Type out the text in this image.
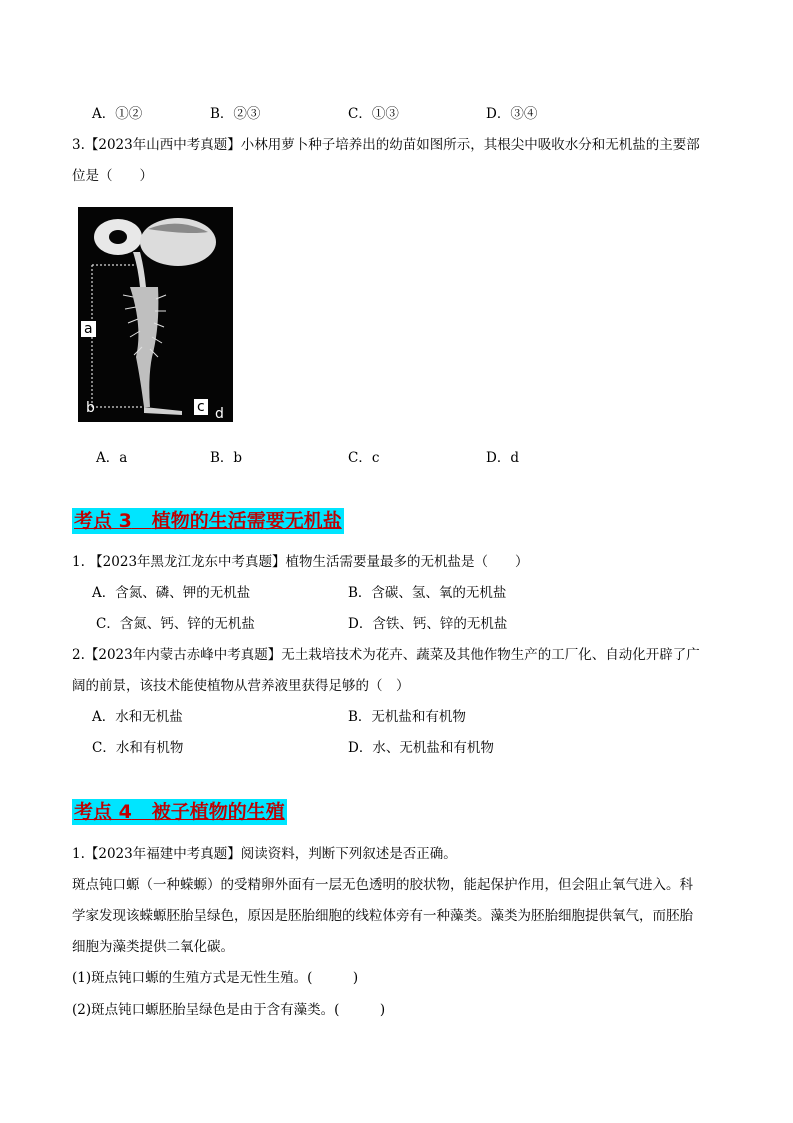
A．①②	B．②③	C．①③	D．③④
3.【2023年山西中考真题】小林用萝卜种子培养出的幼苗如图所示，其根尖中吸收水分和无机盐的主要部
位是（　　）
a
b	c d
A．a	B．b	C．c	D．d
考点 3 植物的生活需要无机盐
1. 【2023年黑龙江龙东中考真题】植物生活需要量最多的无机盐是（　　）
A．含氮、磷、钾的无机盐	B．含碳、氢、氧的无机盐
C．含氮、钙、锌的无机盐	D．含铁、钙、锌的无机盐
2.【2023年内蒙古赤峰中考真题】无土栽培技术为花卉、蔬菜及其他作物生产的工厂化、自动化开辟了广
阔的前景，该技术能使植物从营养液里获得足够的（　）
A．水和无机盐	B．无机盐和有机物
C．水和有机物	D．水、无机盐和有机物
考点 4 被子植物的生殖
1.【2023年福建中考真题】阅读资料，判断下列叙述是否正确。
斑点钝口螈（一种蝾螈）的受精卵外面有一层无色透明的胶状物，能起保护作用，但会阻止氧气进入。科
学家发现该蝾螈胚胎呈绿色，原因是胚胎细胞的线粒体旁有一种藻类。藻类为胚胎细胞提供氧气，而胚胎
细胞为藻类提供二氧化碳。
(1)斑点钝口螈的生殖方式是无性生殖。(　　　)
(2)斑点钝口螈胚胎呈绿色是由于含有藻类。(　　　)
